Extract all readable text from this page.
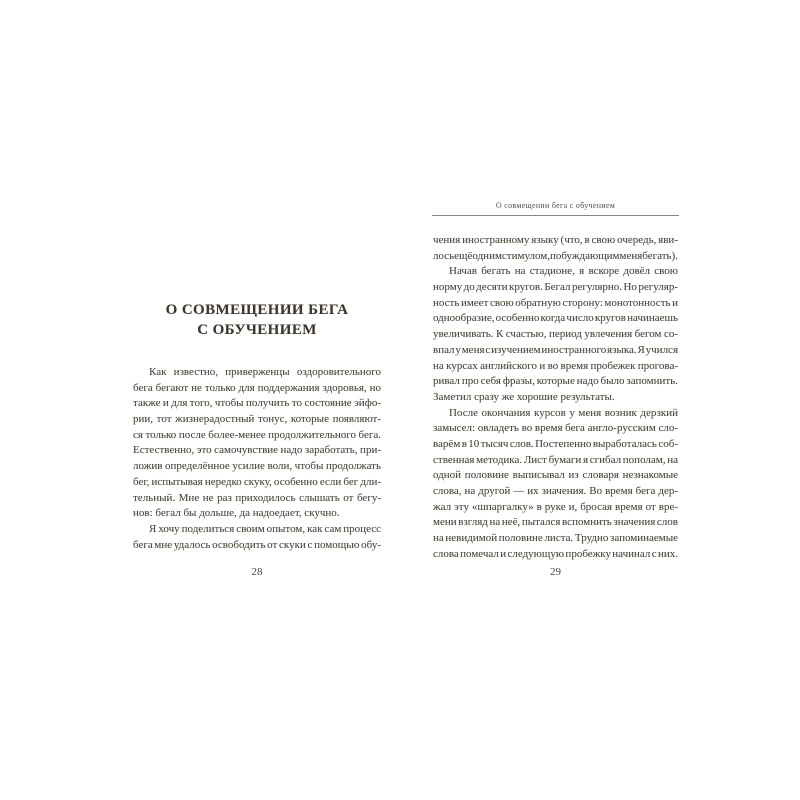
О СОВМЕЩЕНИИ БЕГА
С ОБУЧЕНИЕМ
Как известно, приверженцы оздоровительного
бега бегают не только для поддержания здоровья, но
также и для того, чтобы получить то состояние эйфо-
рии, тот жизнерадостный тонус, которые появляют-
ся только после более-менее продолжительного бега.
Естественно, это самочувствие надо заработать, при-
ложив определённое усилие воли, чтобы продолжать
бег, испытывая нередко скуку, особенно если бег дли-
тельный. Мне не раз приходилось слышать от бегу-
нов: бегал бы дольше, да надоедает, скучно.
Я хочу поделиться своим опытом, как сам процесс
бега мне удалось освободить от скуки с помощью обу-
28
О совмещении бега с обучением
чения иностранному языку (что, в свою очередь, яви-
лось ещё одним стимулом, побуждающим меня бегать).
Начав бегать на стадионе, я вскоре довёл свою
норму до десяти кругов. Бегал регулярно. Но регуляр-
ность имеет свою обратную сторону: монотонность и
однообразие, особенно когда число кругов начинаешь
увеличивать. К счастью, период увлечения бегом со-
впал у меня с изучением иностранного языка. Я учился
на курсах английского и во время пробежек прогова-
ривал про себя фразы, которые надо было запомнить.
Заметил сразу же хорошие результаты.
После окончания курсов у меня возник дерзкий
замысел: овладеть во время бега англо-русским сло-
варём в 10 тысяч слов. Постепенно выработалась соб-
ственная методика. Лист бумаги я сгибал пополам, на
одной половине выписывал из словаря незнакомые
слова, на другой — их значения. Во время бега дер-
жал эту «шпаргалку» в руке и, бросая время от вре-
мени взгляд на неё, пытался вспомнить значения слов
на невидимой половине листа. Трудно запоминаемые
слова помечал и следующую пробежку начинал с них.
29
